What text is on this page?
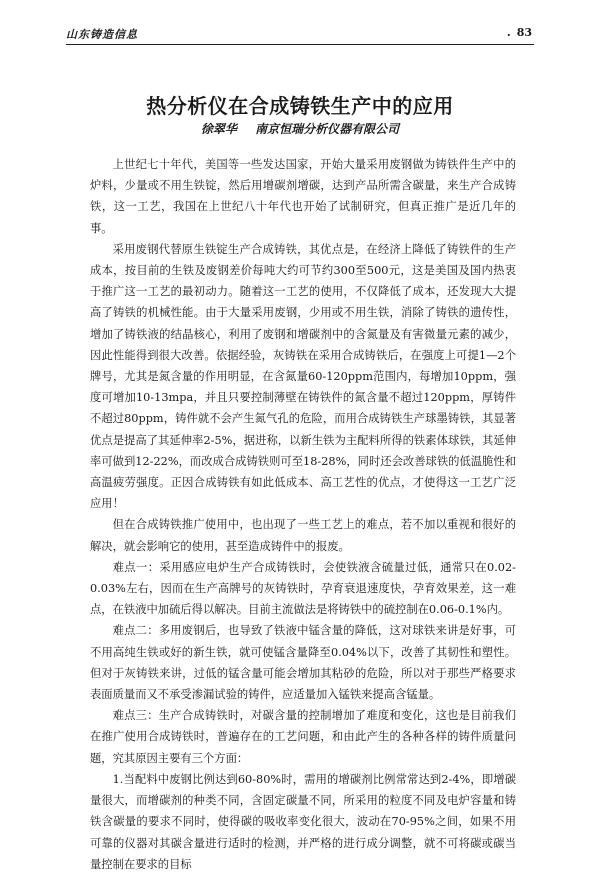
山东铸造信息	. 83
热分析仪在合成铸铁生产中的应用
徐翠华 南京恒瑞分析仪器有限公司

上世纪七十年代，美国等一些发达国家，开始大量采用废钢做为铸铁件生产中的炉料，少量或不用生铁锭，然后用增碳剂增碳，达到产品所需含碳量，来生产合成铸铁，这一工艺，我国在上世纪八十年代也开始了试制研究，但真正推广是近几年的事。

采用废钢代替原生铁锭生产合成铸铁，其优点是，在经济上降低了铸铁件的生产成本，按目前的生铁及废钢差价每吨大约可节约300至500元，这是美国及国内热衷于推广这一工艺的最初动力。随着这一工艺的使用，不仅降低了成本，还发现大大提高了铸铁的机械性能。由于大量采用废钢，少用或不用生铁，消除了铸铁的遗传性，增加了铸铁液的结晶核心，利用了废钢和增碳剂中的含氮量及有害微量元素的减少，因此性能得到很大改善。依据经验，灰铸铁在采用合成铸铁后，在强度上可提1—2个牌号，尤其是氮含量的作用明显，在含氮量60-120ppm范围内，每增加10ppm，强度可增加10-13mpa，并且只要控制薄壁在铸铁件的氮含量不超过120ppm，厚铸件不超过80ppm，铸件就不会产生氮气孔的危险，而用合成铸铁生产球墨铸铁，其显著优点是提高了其延伸率2-5%，据进称，以新生铁为主配料所得的铁素体球铁，其延伸率可做到12-22%，而改成合成铸铁则可至18-28%，同时还会改善球铁的低温脆性和高温疲劳强度。正因合成铸铁有如此低成本、高工艺性的优点，才使得这一工艺广泛应用！

但在合成铸铁推广使用中，也出现了一些工艺上的难点，若不加以重视和很好的解决，就会影响它的使用，甚至造成铸件中的报废。

难点一：采用感应电炉生产合成铸铁时，会使铁液含硫量过低，通常只在0.02-0.03%左右，因而在生产高牌号的灰铸铁时，孕育衰退速度快，孕育效果差，这一难点，在铁液中加硫后得以解决。目前主流做法是将铸铁中的硫控制在0.06-0.1%内。

难点二：多用废钢后，也导致了铁液中锰含量的降低，这对球铁来讲是好事，可不用高纯生铁或好的新生铁，就可使锰含量降至0.04%以下，改善了其韧性和塑性。但对于灰铸铁来讲，过低的锰含量可能会增加其粘砂的危险，所以对于那些严格要求表面质量而又不承受渗漏试验的铸件，应适量加入锰铁来提高含锰量。

难点三：生产合成铸铁时，对碳含量的控制增加了难度和变化，这也是目前我们在推广使用合成铸铁时，普遍存在的工艺问题，和由此产生的各种各样的铸件质量问题，究其原因主要有三个方面：

1.当配料中废钢比例达到60-80%时，需用的增碳剂比例常常达到2-4%，即增碳量很大，而增碳剂的种类不同，含固定碳量不同，所采用的粒度不同及电炉容量和铸铁含碳量的要求不同时，使得碳的吸收率变化很大，波动在70-95%之间，如果不用可靠的仪器对其碳含量进行适时的检测，并严格的进行成分调整，就不可将碳或碳当量控制在要求的目标
